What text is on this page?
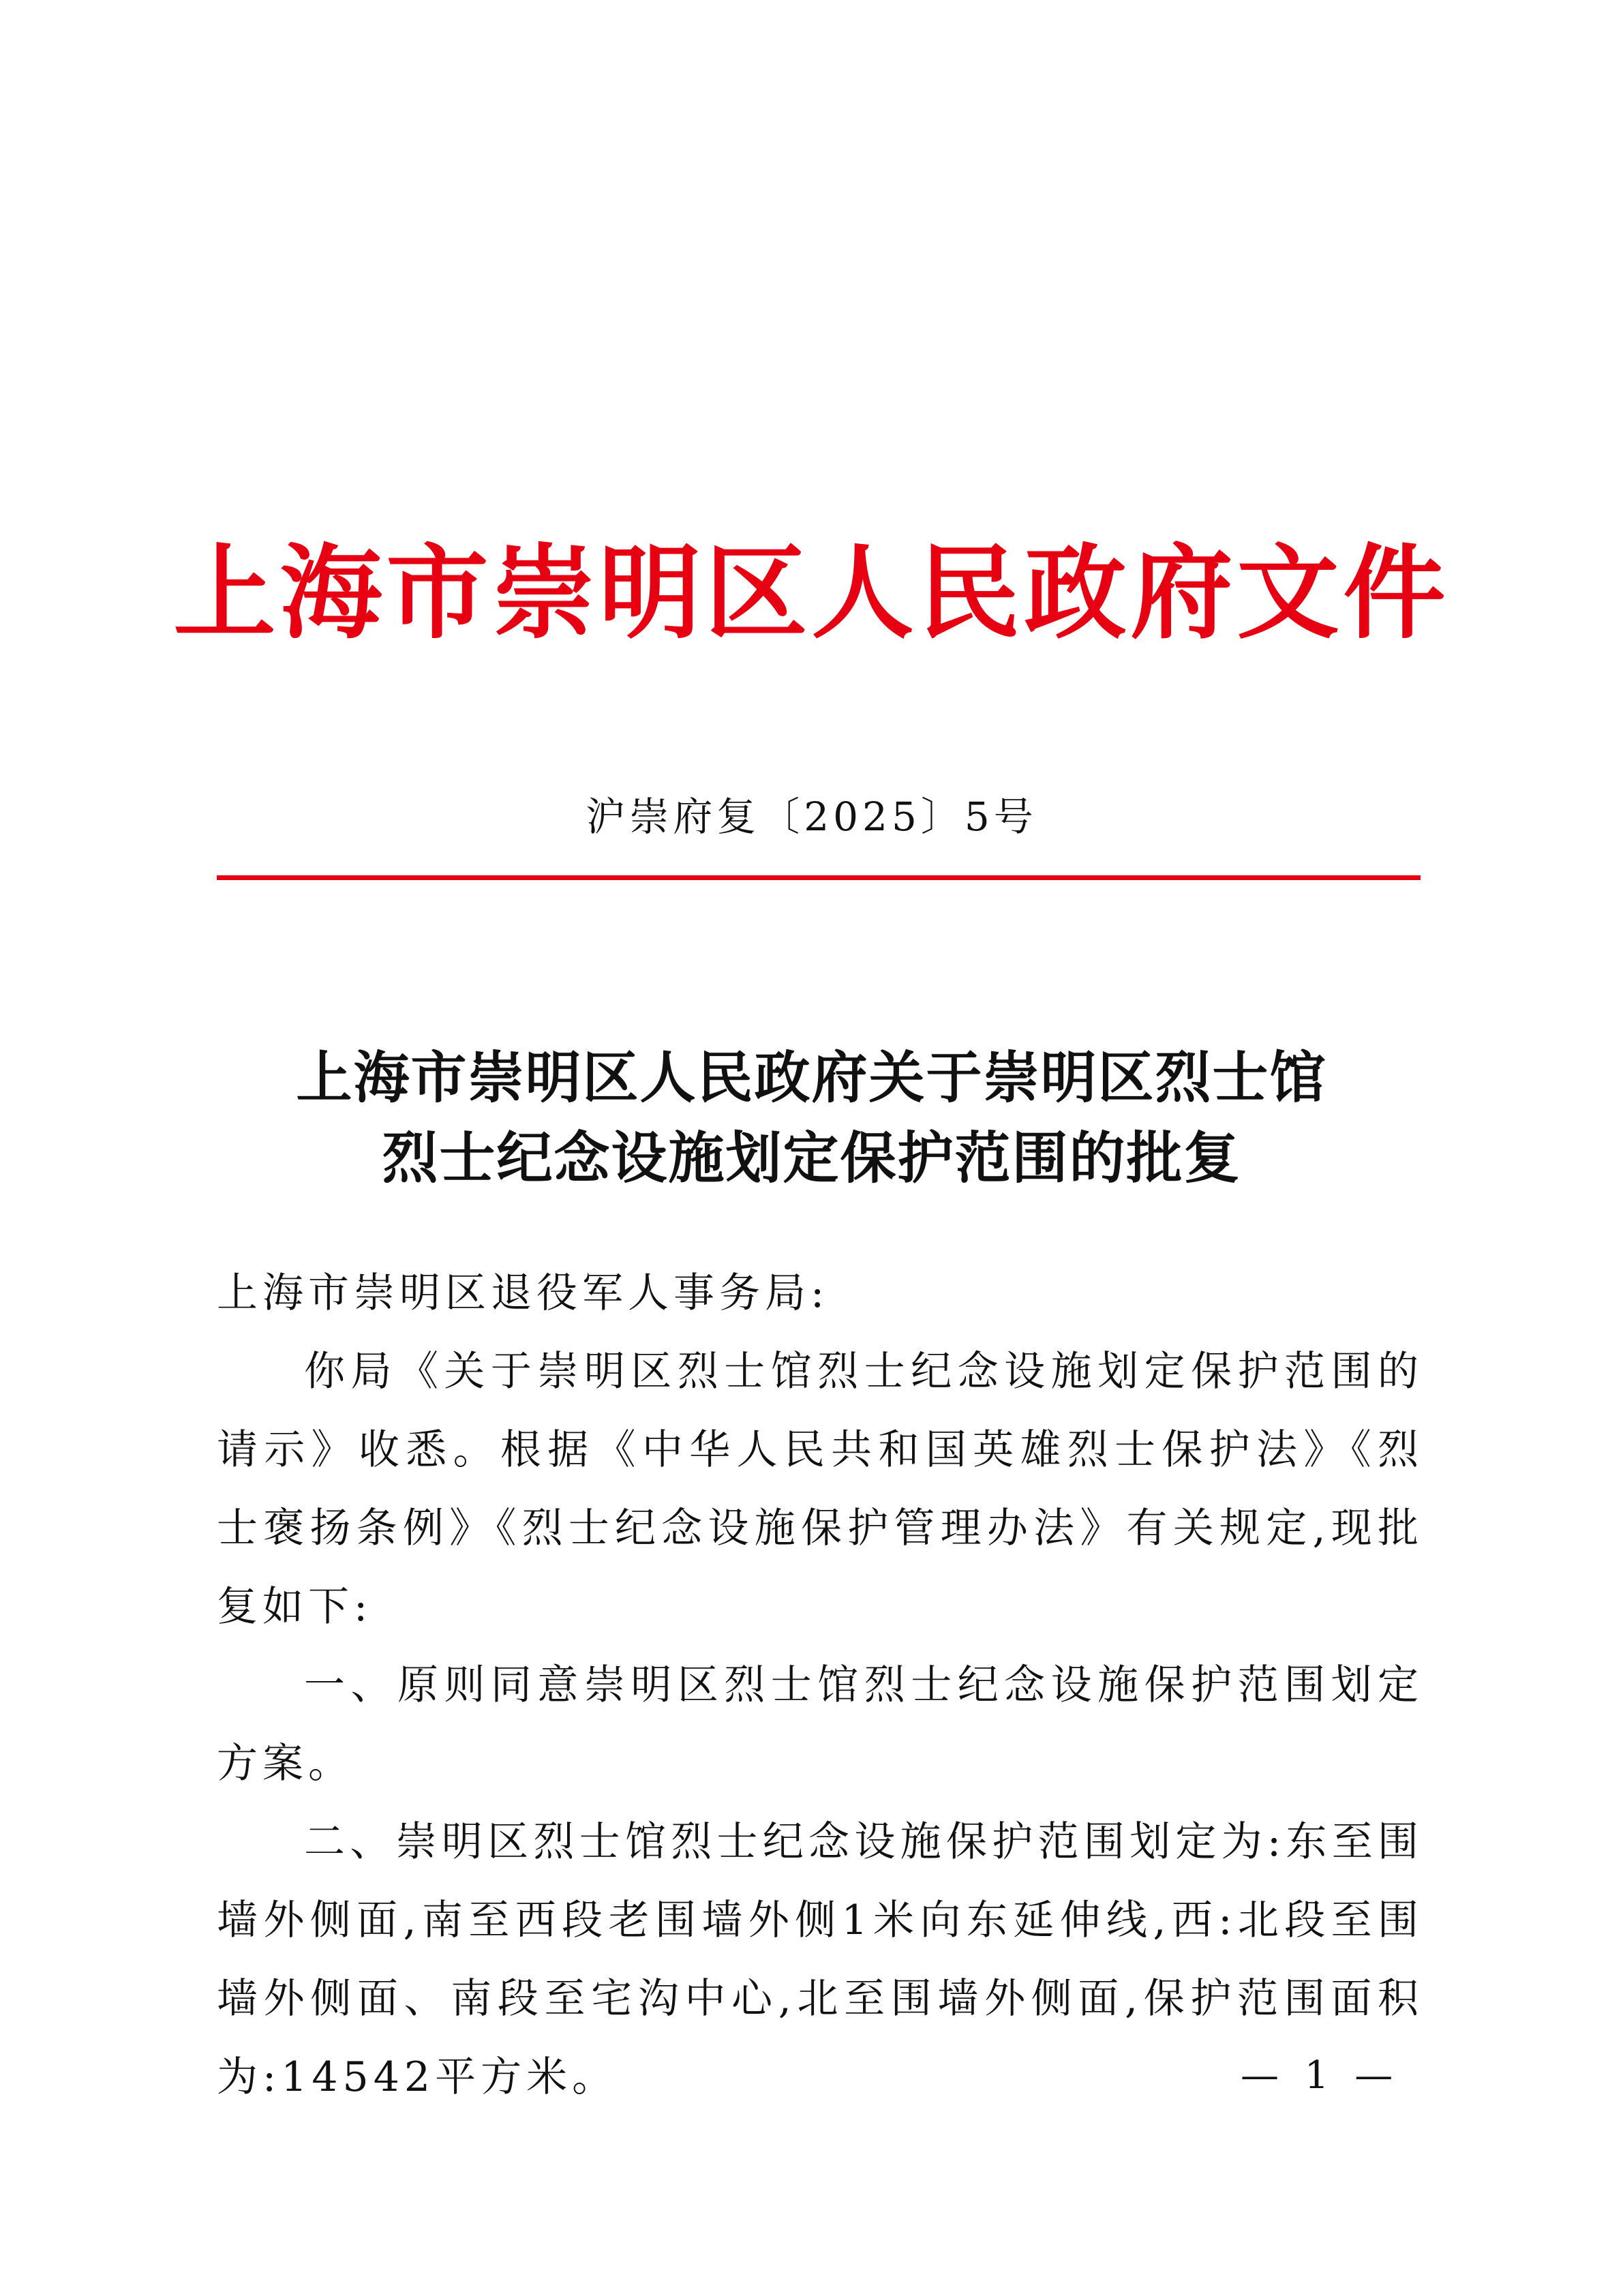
上海市崇明区人民政府文件
沪崇府复〔2025〕5号
上海市崇明区人民政府关于崇明区烈士馆
烈士纪念设施划定保护范围的批复

上海市崇明区退役军人事务局:

你局《关于崇明区烈士馆烈士纪念设施划定保护范围的请示》收悉。根据《中华人民共和国英雄烈士保护法》《烈士褒扬条例》《烈士纪念设施保护管理办法》有关规定,现批复如下:

一、原则同意崇明区烈士馆烈士纪念设施保护范围划定方案。

二、崇明区烈士馆烈士纪念设施保护范围划定为:东至围墙外侧面,南至西段老围墙外侧1米向东延伸线,西:北段至围墙外侧面、南段至宅沟中心,北至围墙外侧面,保护范围面积为:14542平方米。	— 1 —
